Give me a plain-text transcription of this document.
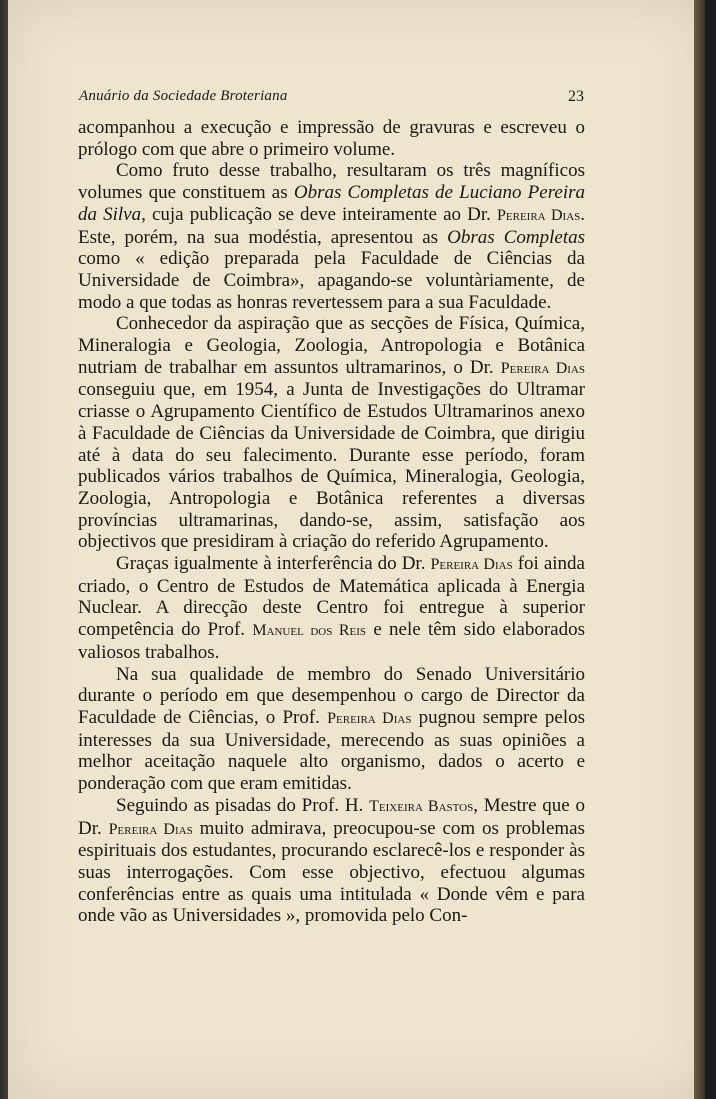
Anuário da Sociedade Broteriana	23

acompanhou a execução e impressão de gravuras e escreveu o prólogo com que abre o primeiro volume.

Como fruto desse trabalho, resultaram os três magníficos volumes que constituem as Obras Completas de Luciano Pereira da Silva, cuja publicação se deve inteiramente ao Dr. Pereira Dias. Este, porém, na sua modéstia, apresentou as Obras Completas como « edição preparada pela Faculdade de Ciências da Universidade de Coimbra», apagando-se voluntàriamente, de modo a que todas as honras revertessem para a sua Faculdade.

Conhecedor da aspiração que as secções de Física, Química, Mineralogia e Geologia, Zoologia, Antropologia e Botânica nutriam de trabalhar em assuntos ultramarinos, o Dr. Pereira Dias conseguiu que, em 1954, a Junta de Investigações do Ultramar criasse o Agrupamento Científico de Estudos Ultramarinos anexo à Faculdade de Ciências da Universidade de Coimbra, que dirigiu até à data do seu falecimento. Durante esse período, foram publicados vários trabalhos de Química, Mineralogia, Geologia, Zoologia, Antropologia e Botânica referentes a diversas províncias ultramarinas, dando-se, assim, satisfação aos objectivos que presidiram à criação do referido Agrupamento.

Graças igualmente à interferência do Dr. Pereira Dias foi ainda criado, o Centro de Estudos de Matemática aplicada à Energia Nuclear. A direcção deste Centro foi entregue à superior competência do Prof. Manuel dos Reis e nele têm sido elaborados valiosos trabalhos.

Na sua qualidade de membro do Senado Universitário durante o período em que desempenhou o cargo de Director da Faculdade de Ciências, o Prof. Pereira Dias pugnou sempre pelos interesses da sua Universidade, merecendo as suas opiniões a melhor aceitação naquele alto organismo, dados o acerto e ponderação com que eram emitidas.

Seguindo as pisadas do Prof. H. Teixeira Bastos, Mestre que o Dr. Pereira Dias muito admirava, preocupou-se com os problemas espirituais dos estudantes, procurando esclarecê-los e responder às suas interrogações. Com esse objectivo, efectuou algumas conferências entre as quais uma intitulada « Donde vêm e para onde vão as Universidades », promovida pelo Con-
